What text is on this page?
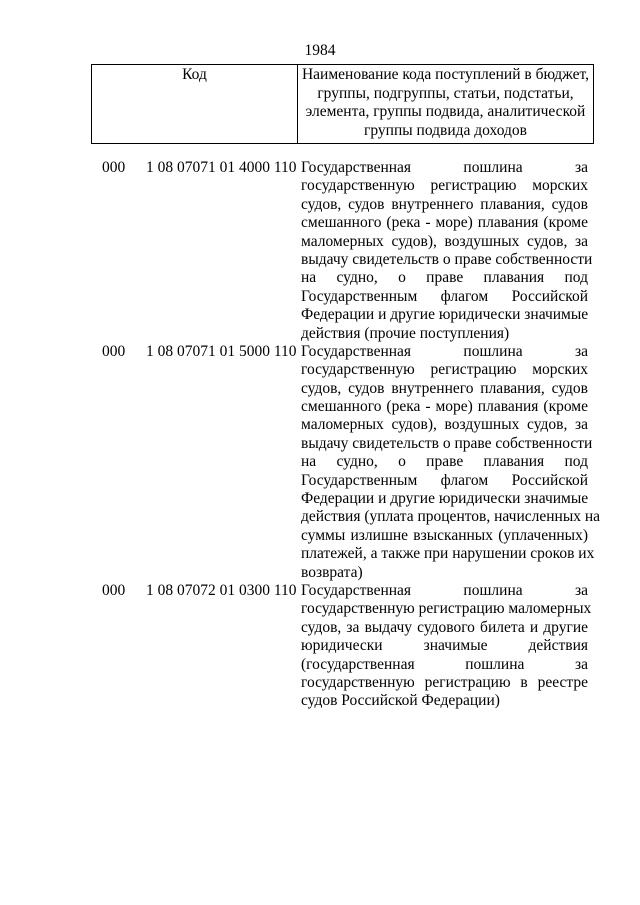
1984
Код	Наименование кода поступлений в бюджет,
группы, подгруппы, статьи, подстатьи,
элемента, группы подвида, аналитической
группы подвида доходов
000 1 08 07071 01 4000 110 Государственная пошлина за
государственную регистрацию морских
судов, судов внутреннего плавания, судов
смешанного (река - море) плавания (кроме
маломерных судов), воздушных судов, за
выдачу свидетельств о праве собственности
на судно, о праве плавания под
Государственным флагом Российской
Федерации и другие юридически значимые
действия (прочие поступления)
000 1 08 07071 01 5000 110 Государственная пошлина за
государственную регистрацию морских
судов, судов внутреннего плавания, судов
смешанного (река - море) плавания (кроме
маломерных судов), воздушных судов, за
выдачу свидетельств о праве собственности
на судно, о праве плавания под
Государственным флагом Российской
Федерации и другие юридически значимые
действия (уплата процентов, начисленных на
суммы излишне взысканных (уплаченных)
платежей, а также при нарушении сроков их
возврата)
000 1 08 07072 01 0300 110 Государственная пошлина за
государственную регистрацию маломерных
судов, за выдачу судового билета и другие
юридически значимые действия
(государственная пошлина за
государственную регистрацию в реестре
судов Российской Федерации)
